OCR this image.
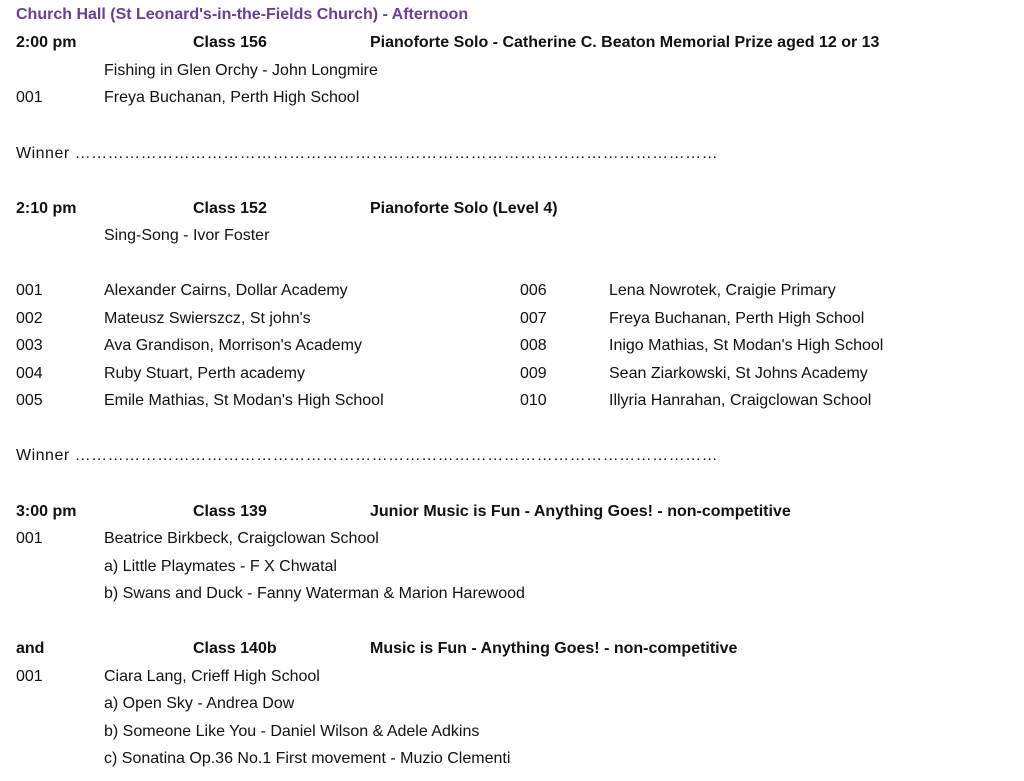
Church Hall (St Leonard's-in-the-Fields Church) - Afternoon
2:00 pm	Class 156	Pianoforte Solo - Catherine C. Beaton Memorial Prize aged 12 or 13
Fishing in Glen Orchy - John Longmire
001	Freya Buchanan, Perth High School
Winner ………………………………………………………………………………………………………
2:10 pm	Class 152	Pianoforte Solo (Level 4)
Sing-Song - Ivor Foster
001	Alexander Cairns, Dollar Academy
002	Mateusz Swierszcz, St john's
003	Ava Grandison, Morrison's Academy
004	Ruby Stuart, Perth academy
005	Emile Mathias, St Modan's High School
006	Lena Nowrotek, Craigie Primary
007	Freya Buchanan, Perth High School
008	Inigo Mathias, St Modan's High School
009	Sean Ziarkowski, St Johns Academy
010	Illyria Hanrahan, Craigclowan School
Winner ………………………………………………………………………………………………………
3:00 pm	Class 139	Junior Music is Fun - Anything Goes! - non-competitive
001	Beatrice Birkbeck, Craigclowan School
a) Little Playmates - F X Chwatal
b) Swans and Duck - Fanny Waterman & Marion Harewood
and	Class 140b	Music is Fun - Anything Goes! - non-competitive
001	Ciara Lang, Crieff High School
a) Open Sky - Andrea Dow
b) Someone Like You - Daniel Wilson & Adele Adkins
c) Sonatina Op.36 No.1 First movement - Muzio Clementi
